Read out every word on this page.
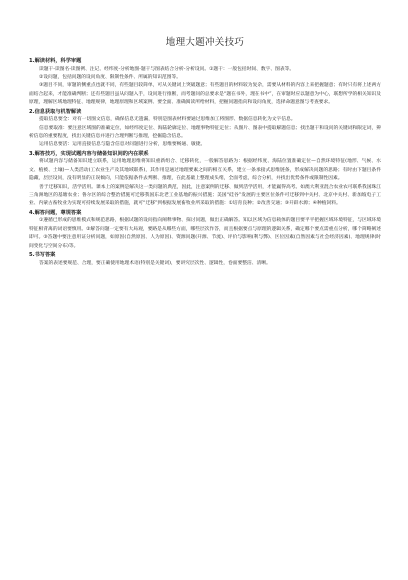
地理大题冲关技巧
1.解读材料，科学审题

读题干-读图名-读图例、注记、经纬度-分析地图-题干与图表结合分析-分析设问。①题干：一般包括时间、数字、图表等。

②设问题，包括问题的设问角度、限制性条件、所属的知识范围等。

③题目不同，审题的侧重点也就不同，有些题目较简单，可从关键词上突破题意；有些题目的材料较为复杂，需要从材料的内容上来把握题意；有时只有将上述两方面结合起来，才能准确判断；还有些题目虽从问题入手，设问进行推断，而考题问的总要求是“题在书外，理在书中”，在审题时应以题意为中心，联想所学的相关知识及原理，理解区域地理特征、地理规律，地理原理和区域案例、要全面、准确阅读所给材料，把握问题指向和设问角度，选择命题意图与考查要求。

2.信息获取与机智解读

提取信息要全：对有一切图文信息，确保信息无遗漏，特别是图表材料要通过思维加工将图形、数据信息转化为文字信息。

信息要取准：要注意区域图的准确定位，如经纬度定位、海陆轮廓定位、地理事物特征定位；从图片、图表中提取解题信息；找出题干和设问的关键词和限定词，辨析信息的重要程度，找出关键信息并进行合理判断与推理，挖掘隐含信息。

运用信息要活：运用直接信息与隐含信息对问题进行分析，思维要畅通、敏捷。

3.解答技巧，实现试题内容与储备知识间的内在联系

将试题内容与储备知识建立联系，运用地理思维将知识重新组合、迁移转化，一般解答思路为：根据经纬度、海陆位置准确定位—自然环境特征(地形、气候、水文、植被、土壤)—人类活动(工农业生产及其地域联系)，其作用是通过地理要素之间的相互关系，建立一条承接式思维链条，形成解决问题的思路；有时由下题目条件隐藏，层层设问，没有明显的正误倾向，只能依据条件去判断、推理，在此基础上整理成头绪，全面考虑，综合分析，并找出优势条件或限制性因素。

善于迁移知识，活学活用。课本上的案例是解决这一类问题的典范，因此，注意案例的迁移、做到活学活用，才能赢得高考。如澳大利亚混合农业农可联系我国珠江三角洲地区的基塘农业；鲁尔区的综合整治措施可迁移我国东北老工业基地的振兴措施；美国“硅谷”发展的主要区位条件可迁移到中关村、北京中关村、新加坡电子工业、内蒙古畜牧业为实现可持续发展采取的措施，就可“迁移”到根据发展畜牧业所采取的措施：①培育良种；②改善交通；③开辟水源；④种植饲料。

4.解答问题，尊规答案

①遵循已形成的思维模式和规范思路，根据试题的设问指向阐释事物、探讨问题，做出正确解答。知以区域为信息载体的题目要平平把握区域环境特征，与区域环境特征相背离的词语要慎用。②解答问题一定要有大局观，要路是从哪些方面，哪些层次作答，而且根据要点与原理的逻辑关系，确定哪个要点需重点分析，哪个简略阐述即可。③答题中要注意用证分析问题，如原因(自然原因、人为原因)、资源问题(开源、节流)、评价与影响(利与弊)、区位因素(自然因素与社会经济因素)、地理规律(时间变化与空间分布)等。

5.书写答案

答案的表述要规范、合理，要正确使用地理术语(特别是关键词)，要讲究层次性、逻辑性，卷面要整洁、清晰。
